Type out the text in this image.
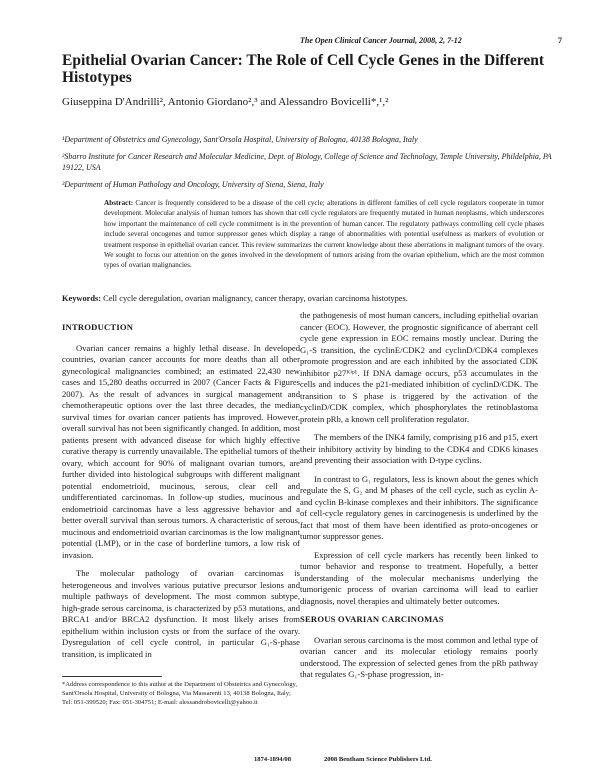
The Open Clinical Cancer Journal, 2008, 2, 7-12	7
Epithelial Ovarian Cancer: The Role of Cell Cycle Genes in the Different Histotypes
Giuseppina D'Andrilli², Antonio Giordano²,³ and Alessandro Bovicelli*,¹,²
¹Department of Obstetrics and Gynecology, Sant'Orsola Hospital, University of Bologna, 40138 Bologna, Italy
²Sbarro Institute for Cancer Research and Molecular Medicine, Dept. of Biology, College of Science and Technology, Temple University, Phildelphia, PA 19122, USA
³Department of Human Pathology and Oncology, University of Siena, Siena, Italy
Abstract: Cancer is frequently considered to be a disease of the cell cycle; alterations in different families of cell cycle regulators cooperate in tumor development. Molecular analysis of human tumors has shown that cell cycle regulators are frequently mutated in human neoplasms, which underscores how important the maintenance of cell cycle commitment is in the prevention of human cancer. The regulatory pathways controlling cell cycle phases include several oncogenes and tumor suppressor genes which display a range of abnormalities with potential usefulness as markers of evolution or treatment response in epithelial ovarian cancer. This review summarizes the current knowledge about these aberrations in malignant tumors of the ovary. We sought to focus our attention on the genes involved in the development of tumors arising from the ovarian epithelium, which are the most common types of ovarian malignancies.
Keywords: Cell cycle deregulation, ovarian malignancy, cancer therapy, ovarian carcinoma histotypes.
INTRODUCTION

Ovarian cancer remains a highly lethal disease. In developed countries, ovarian cancer accounts for more deaths than all other gynecological malignancies combined; an estimated 22,430 new cases and 15,280 deaths occurred in 2007 (Cancer Facts & Figures 2007). As the result of advances in surgical management and chemotherapeutic options over the last three decades, the median survival times for ovarian cancer patients has improved. However, overall survival has not been significantly changed. In addition, most patients present with advanced disease for which highly effective curative therapy is currently unavailable. The epithelial tumors of the ovary, which account for 90% of malignant ovarian tumors, are further divided into histological subgroups with different malignant potential endometrioid, mucinous, serous, clear cell and undifferentiated carcinomas. In follow-up studies, mucinous and endometrioid carcinomas have a less aggressive behavior and a better overall survival than serous tumors. A characteristic of serous, mucinous and endometrioid ovarian carcinomas is the low malignant potential (LMP), or in the case of borderline tumors, a low risk of invasion.

The molecular pathology of ovarian carcinomas is heterogeneous and involves various putative precursor lesions and multiple pathways of development. The most common subtype, high-grade serous carcinoma, is characterized by p53 mutations, and BRCA1 and/or BRCA2 dysfunction. It most likely arises from epithelium within inclusion cysts or from the surface of the ovary. Dysregulation of cell cycle control, in particular G₁-S-phase transition, is implicated in

the pathogenesis of most human cancers, including epithelial ovarian cancer (EOC). However, the prognostic significance of aberrant cell cycle gene expression in EOC remains mostly unclear. During the G₁-S transition, the cyclinE/CDK2 and cyclinD/CDK4 complexes promote progression and are each inhibited by the associated CDK inhibitor p27ᴷⁱᵖ¹. If DNA damage occurs, p53 accumulates in the cells and induces the p21-mediated inhibition of cyclinD/CDK. The transition to S phase is triggered by the activation of the cyclinD/CDK complex, which phosphorylates the retinoblastoma protein pRb, a known cell proliferation regulator.

The members of the INK4 family, comprising p16 and p15, exert their inhibitory activity by binding to the CDK4 and CDK6 kinases and preventing their association with D-type cyclins.

In contrast to G₁ regulators, less is known about the genes which regulate the S, G₂ and M phases of the cell cycle, such as cyclin A- and cyclin B-kinase complexes and their inhibitors. The significance of cell-cycle regulatory genes in carcinogenesis is underlined by the fact that most of them have been identified as proto-oncogenes or tumor suppressor genes.

Expression of cell cycle markers has recently been linked to tumor behavior and response to treatment. Hopefully, a better understanding of the molecular mechanisms underlying the tumorigenic process of ovarian carcinoma will lead to earlier diagnosis, novel therapies and ultimately better outcomes.

SEROUS OVARIAN CARCINOMAS

Ovarian serous carcinoma is the most common and lethal type of ovarian cancer and its molecular etiology remains poorly understood. The expression of selected genes from the pRb pathway that regulates G₁-S-phase progression, in-

*Address correspondence to this author at the Department of Obstetrics and Gynecology, Sant'Orsola Hospital, University of Bologna, Via Massarenti 13, 40138 Bologna, Italy; Tel: 051-399520; Fax: 051-304751; E-mail: alessandrobovicelli@yahoo.it
1874-1894/08	2008 Bentham Science Publishers Ltd.
